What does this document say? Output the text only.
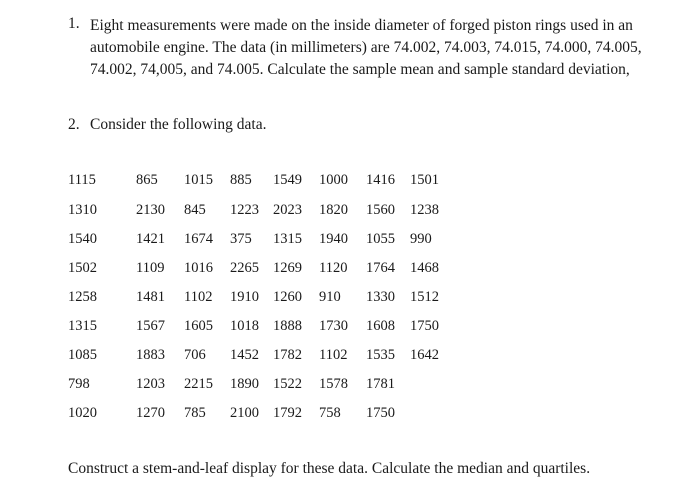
1. Eight measurements were made on the inside diameter of forged piston rings used in an
automobile engine. The data (in millimeters) are 74.002, 74.003, 74.015, 74.000, 74.005,
74.002, 74,005, and 74.005. Calculate the sample mean and sample standard deviation,
2. Consider the following data.
1115	865 1015 885 1549 1000 1416 1501
1310	2130 845 1223 2023 1820 1560 1238
1540	1421 1674 375 1315 1940 1055 990
1502	1109 1016 2265 1269 1120 1764 1468
1258	1481 1102 1910 1260 910 1330 1512
1315	1567 1605 1018 1888 1730 1608 1750
1085	1883 706 1452 1782 1102 1535 1642
798	1203 2215 1890 1522 1578 1781
1020	1270 785 2100 1792 758 1750
Construct a stem-and-leaf display for these data. Calculate the median and quartiles.
